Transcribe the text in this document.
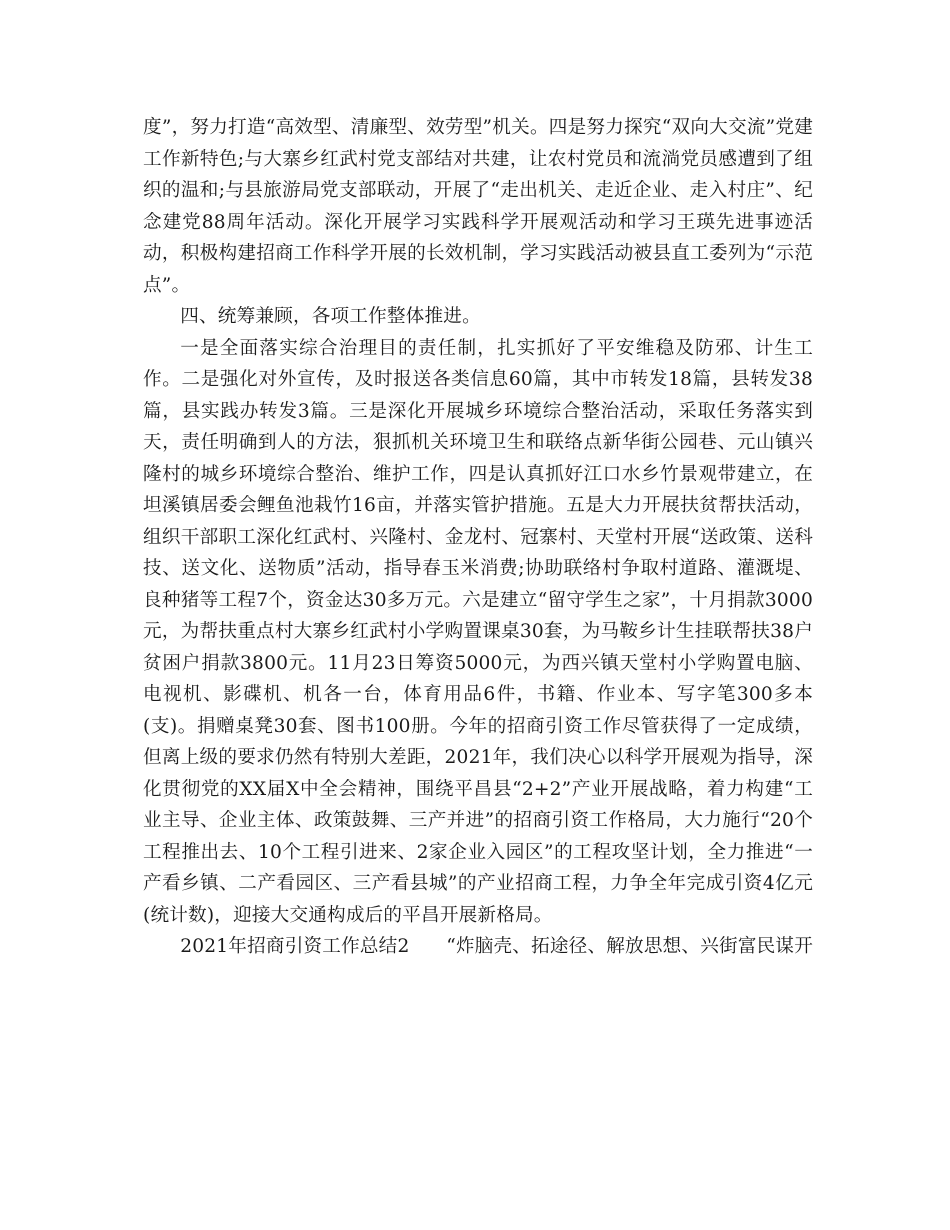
度”，努力打造“高效型、清廉型、效劳型”机关。四是努力探究“双向大交流”党建工作新特色;与大寨乡红武村党支部结对共建，让农村党员和流淌党员感遭到了组织的温和;与县旅游局党支部联动，开展了“走出机关、走近企业、走入村庄”、纪念建党88周年活动。深化开展学习实践科学开展观活动和学习王瑛先进事迹活动，积极构建招商工作科学开展的长效机制，学习实践活动被县直工委列为“示范点”。

四、统筹兼顾，各项工作整体推进。

一是全面落实综合治理目的责任制，扎实抓好了平安维稳及防邪、计生工作。二是强化对外宣传，及时报送各类信息60篇，其中市转发18篇，县转发38篇，县实践办转发3篇。三是深化开展城乡环境综合整治活动，采取任务落实到天，责任明确到人的方法，狠抓机关环境卫生和联络点新华街公园巷、元山镇兴隆村的城乡环境综合整治、维护工作，四是认真抓好江口水乡竹景观带建立，在坦溪镇居委会鲤鱼池栽竹16亩，并落实管护措施。五是大力开展扶贫帮扶活动，组织干部职工深化红武村、兴隆村、金龙村、冠寨村、天堂村开展“送政策、送科技、送文化、送物质”活动，指导春玉米消费;协助联络村争取村道路、灌溉堤、良种猪等工程7个，资金达30多万元。六是建立“留守学生之家”，十月捐款3000元，为帮扶重点村大寨乡红武村小学购置课桌30套，为马鞍乡计生挂联帮扶38户贫困户捐款3800元。11月23日筹资5000元，为西兴镇天堂村小学购置电脑、电视机、影碟机、机各一台，体育用品6件，书籍、作业本、写字笔300多本(支)。捐赠桌凳30套、图书100册。今年的招商引资工作尽管获得了一定成绩，但离上级的要求仍然有特别大差距，2021年，我们决心以科学开展观为指导，深化贯彻党的XX届X中全会精神，围绕平昌县“2+2”产业开展战略，着力构建“工业主导、企业主体、政策鼓舞、三产并进”的招商引资工作格局，大力施行“20个工程推出去、10个工程引进来、2家企业入园区”的工程攻坚计划，全力推进“一产看乡镇、二产看园区、三产看县城”的产业招商工程，力争全年完成引资4亿元(统计数)，迎接大交通构成后的平昌开展新格局。

2021年招商引资工作总结2 “炸脑壳、拓途径、解放思想、兴街富民谋开
